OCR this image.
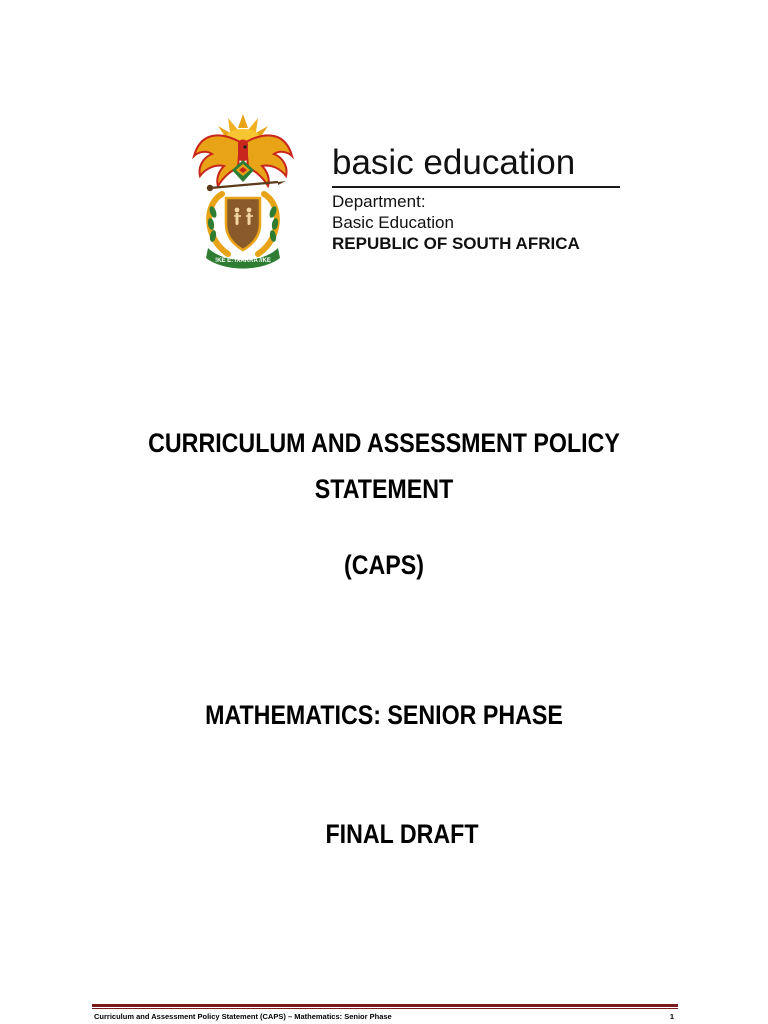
!KE E: /XARRA //KE
basic education
Department:
Basic Education
REPUBLIC OF SOUTH AFRICA
CURRICULUM AND ASSESSMENT POLICY
STATEMENT
(CAPS)
MATHEMATICS: SENIOR PHASE
FINAL DRAFT
Curriculum and Assessment Policy Statement (CAPS) – Mathematics: Senior Phase	1
